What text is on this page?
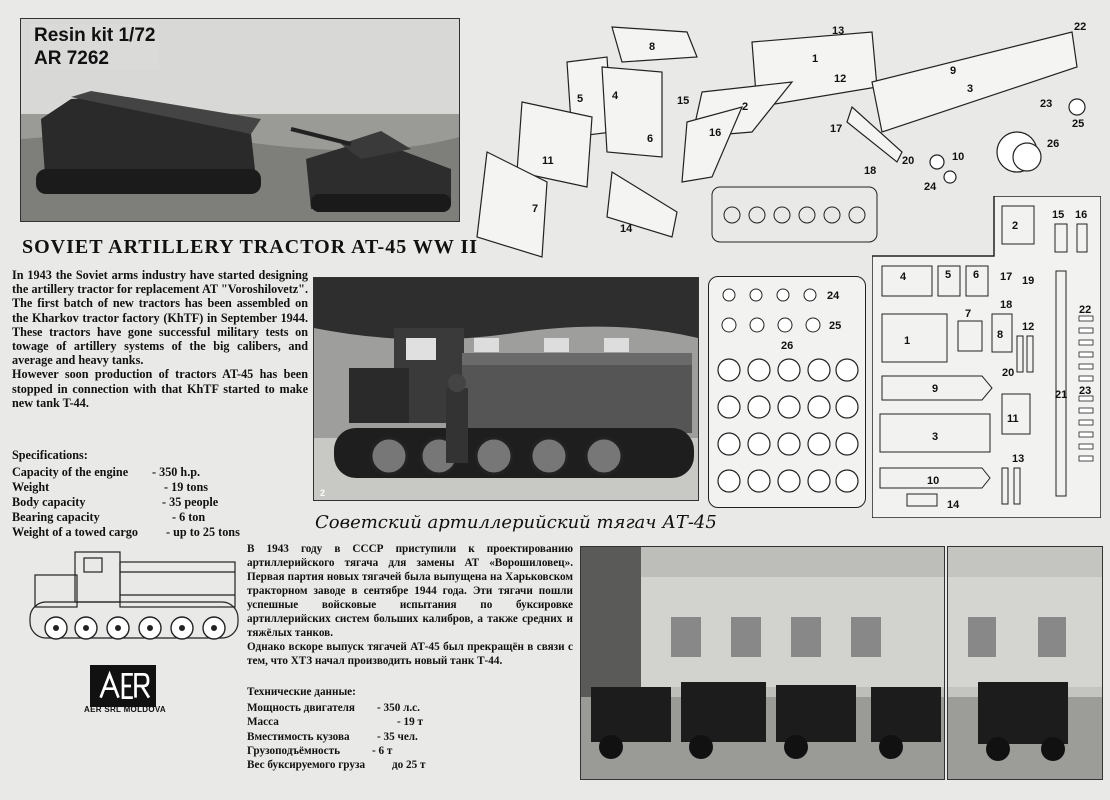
Resin kit 1/72
AR 7262
SOVIET ARTILLERY TRACTOR AT-45 WW II

In 1943 the Soviet arms industry have started designing the artillery tractor for replacement AT "Voroshilovetz". The first batch of new tractors has been assembled on the Kharkov tractor factory (KhTF) in September 1944. These tractors have gone successful military tests on towage of artillery systems of the big calibers, and average and heavy tanks.

However soon production of tractors AT-45 has been stopped in connection with that KhTF started to make new tank T-44.

Specifications:
Capacity of the engine	- 350 h.p.
Weight	- 19 tons
Body capacity	- 35 people
Bearing capacity	- 6 ton
Weight of a towed cargo	- up to 25 tons
2
Советский артиллерийский тягач АТ-45

В 1943 году в СССР приступили к проектированию артиллерийского тягача для замены АТ «Ворошиловец». Первая партия новых тягачей была выпущена на Харьковском тракторном заводе в сентябре 1944 года. Эти тягачи пошли успешные войсковые испытания по буксировке артиллерийских систем больших калибров, а также средних и тяжёлых танков.

Однако вскоре выпуск тягачей АТ-45 был прекращён в связи с тем, что ХТЗ начал производить новый танк Т-44.

Технические данные:
Мощность двигателя	- 350 л.с.
Масса	- 19 т
Вместимость кузова	- 35 чел.
Грузоподъёмность	- 6 т
Вес буксируемого груза	до 25 т
AER SRL MOLDOVA
8
1
13
12
2
5	4
6
15
16
11
7
14
9
3
22
23
25
26
10
17
18
20
24
24
25
26
2
15 16
4	5 6 17 19
18
7
1	8
12
20
9
3
11
13
10
14
21
22
23
